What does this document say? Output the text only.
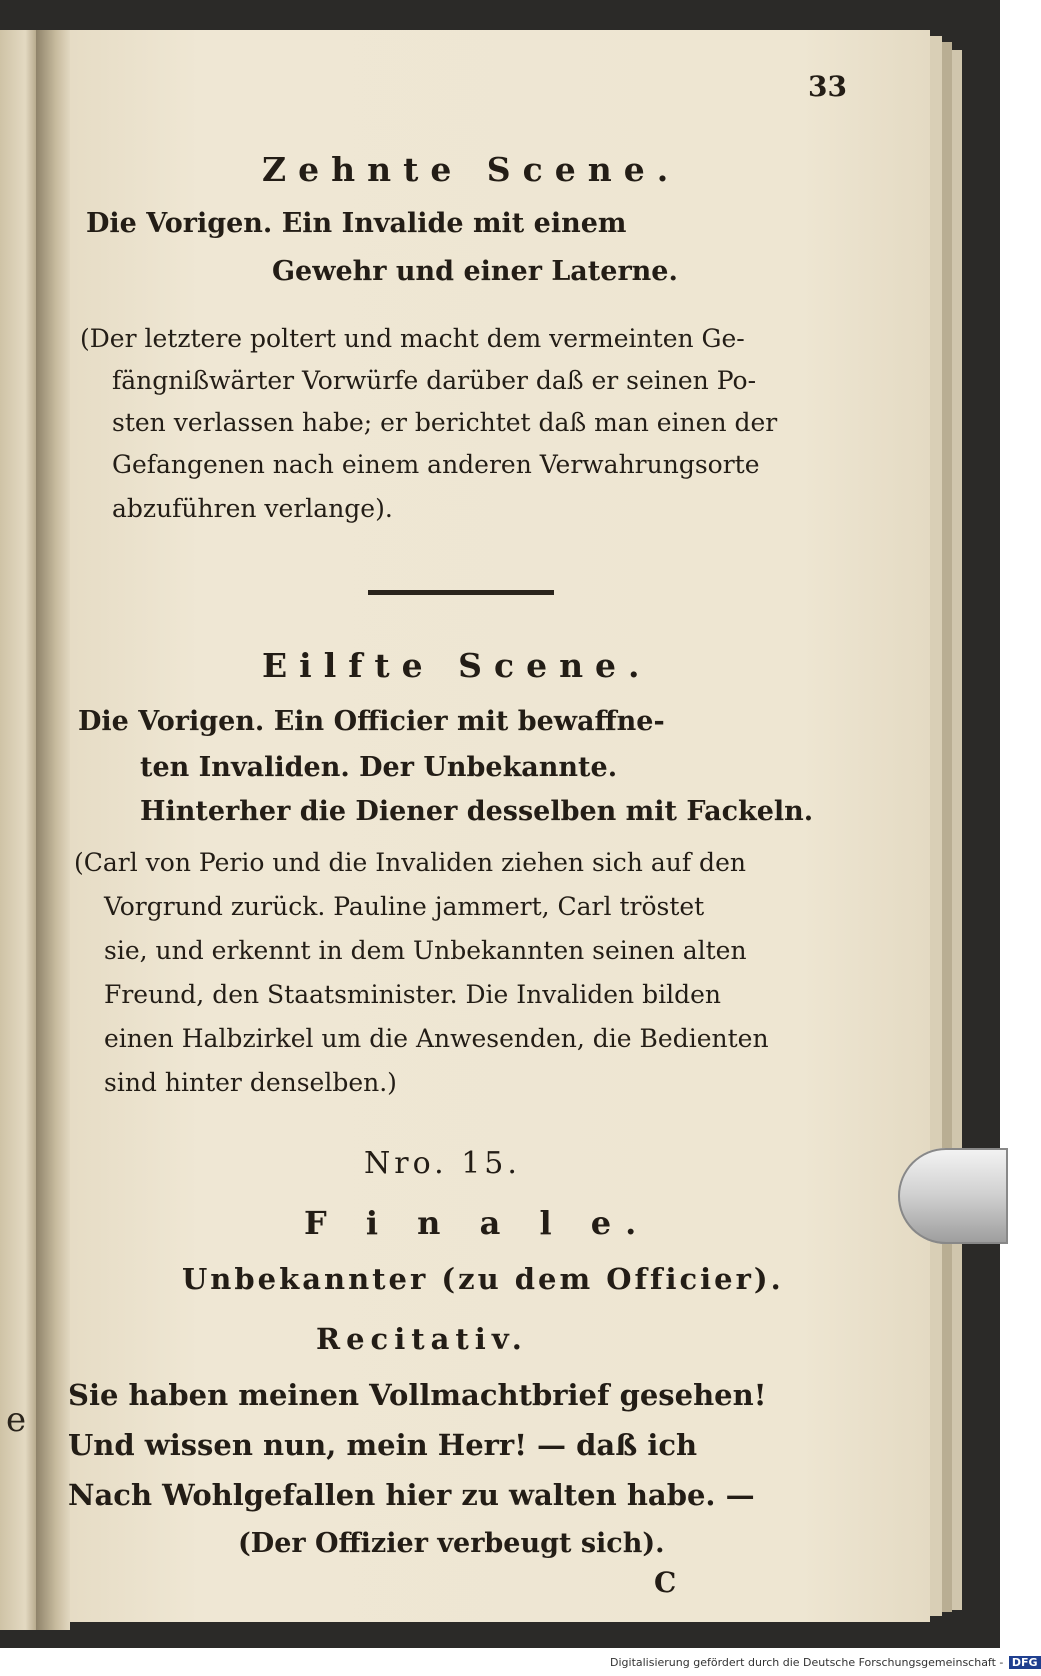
e
33
Zehnte Scene.
Die Vorigen. Ein Invalide mit einem
Gewehr und einer Laterne.
(Der letztere poltert und macht dem vermeinten Ge-
fängnißwärter Vorwürfe darüber daß er seinen Po-
sten verlassen habe; er berichtet daß man einen der
Gefangenen nach einem anderen Verwahrungsorte
abzuführen verlange).
Eilfte Scene.
Die Vorigen. Ein Officier mit bewaffne-
ten Invaliden. Der Unbekannte.
Hinterher die Diener desselben mit Fackeln.
(Carl von Perio und die Invaliden ziehen sich auf den
Vorgrund zurück. Pauline jammert, Carl tröstet
sie, und erkennt in dem Unbekannten seinen alten
Freund, den Staatsminister. Die Invaliden bilden
einen Halbzirkel um die Anwesenden, die Bedienten
sind hinter denselben.)
Nro. 15.
F i n a l e.
Unbekannter (zu dem Officier).
Recitativ.
Sie haben meinen Vollmachtbrief gesehen!
Und wissen nun, mein Herr! — daß ich
Nach Wohlgefallen hier zu walten habe. —
(Der Offizier verbeugt sich).
C
Digitalisierung gefördert durch die Deutsche Forschungsgemeinschaft - DFG
